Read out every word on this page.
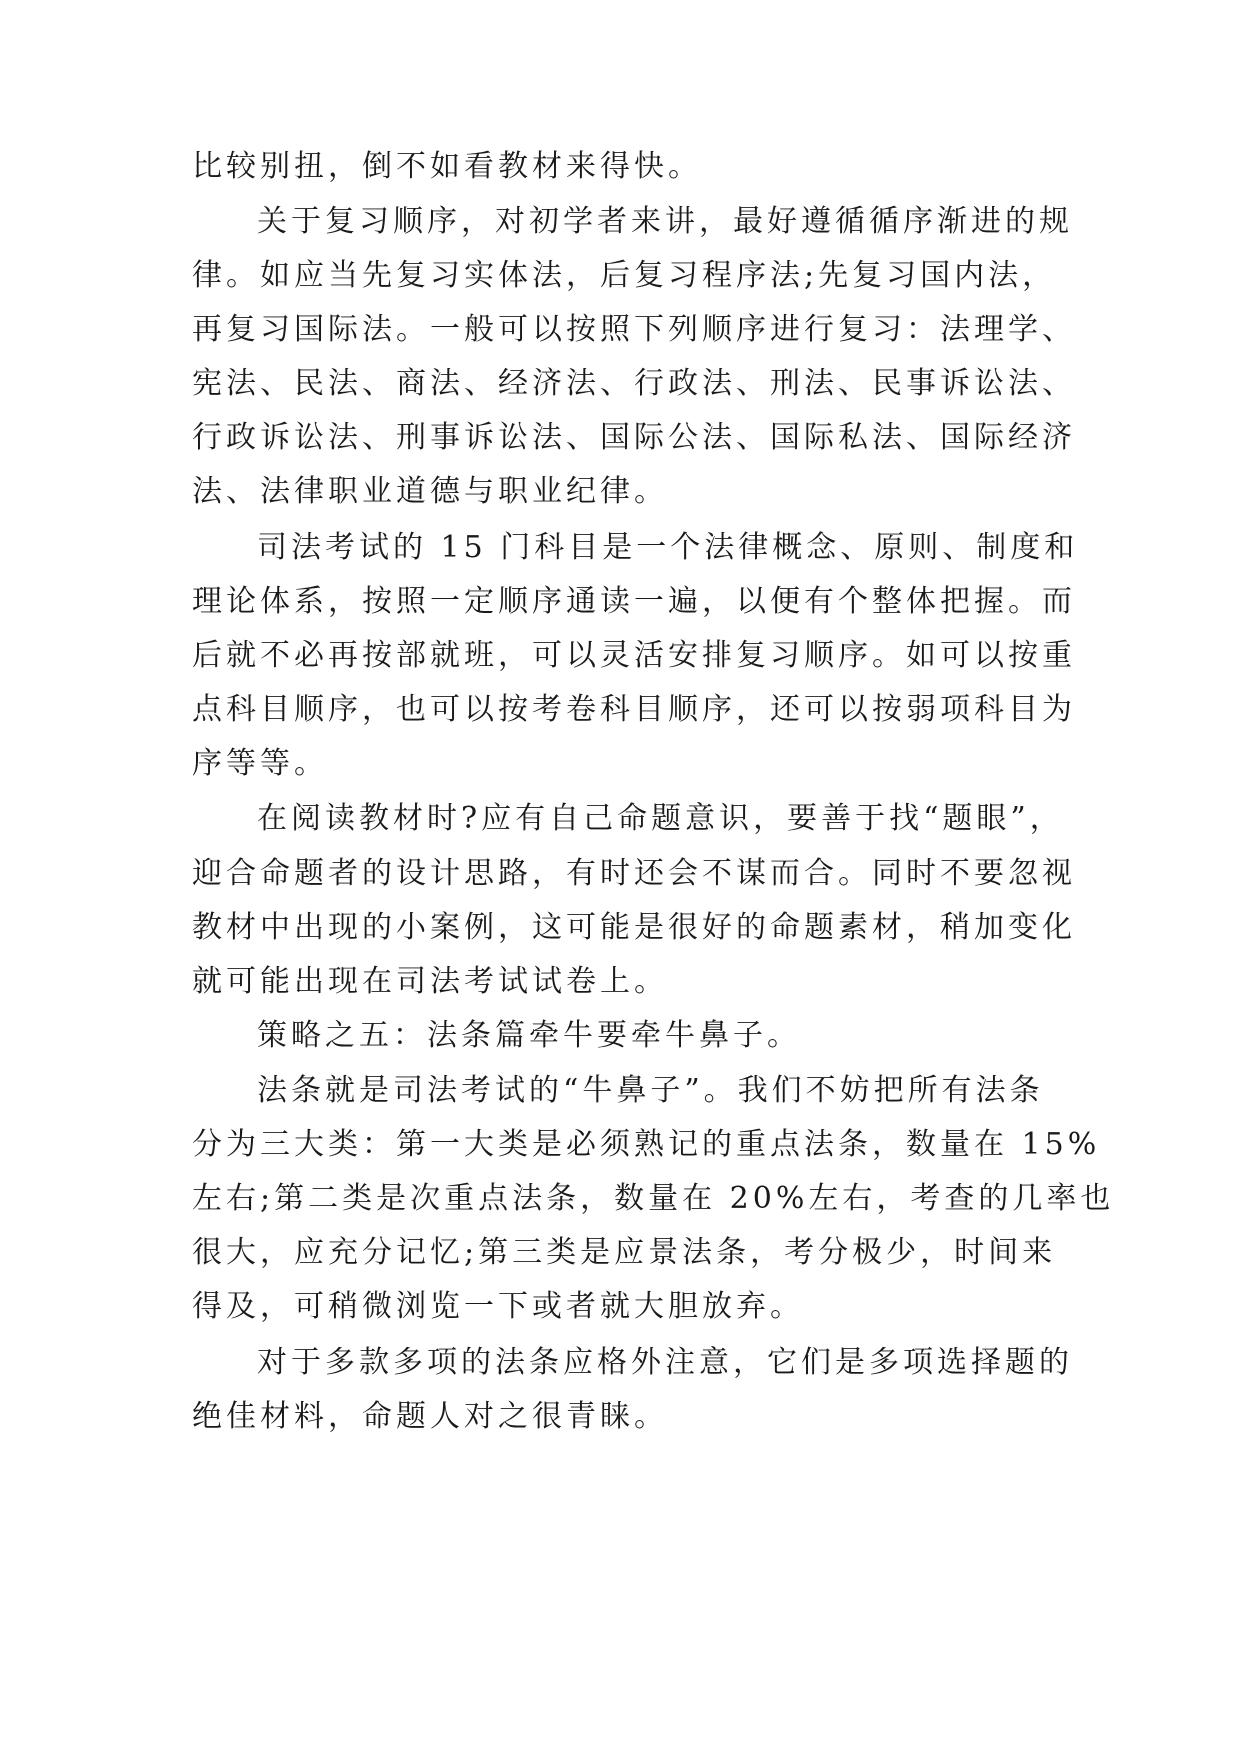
比较别扭，倒不如看教材来得快。

关于复习顺序，对初学者来讲，最好遵循循序渐进的规

律。如应当先复习实体法，后复习程序法;先复习国内法，

再复习国际法。一般可以按照下列顺序进行复习：法理学、

宪法、民法、商法、经济法、行政法、刑法、民事诉讼法、

行政诉讼法、刑事诉讼法、国际公法、国际私法、国际经济

法、法律职业道德与职业纪律。

司法考试的 15 门科目是一个法律概念、原则、制度和

理论体系，按照一定顺序通读一遍，以便有个整体把握。而

后就不必再按部就班，可以灵活安排复习顺序。如可以按重

点科目顺序，也可以按考卷科目顺序，还可以按弱项科目为

序等等。

在阅读教材时?应有自己命题意识，要善于找“题眼”，

迎合命题者的设计思路，有时还会不谋而合。同时不要忽视

教材中出现的小案例，这可能是很好的命题素材，稍加变化

就可能出现在司法考试试卷上。

策略之五：法条篇牵牛要牵牛鼻子。

法条就是司法考试的“牛鼻子”。我们不妨把所有法条

分为三大类：第一大类是必须熟记的重点法条，数量在 15%

左右;第二类是次重点法条，数量在 20%左右，考查的几率也

很大，应充分记忆;第三类是应景法条，考分极少，时间来

得及，可稍微浏览一下或者就大胆放弃。

对于多款多项的法条应格外注意，它们是多项选择题的

绝佳材料，命题人对之很青睐。
